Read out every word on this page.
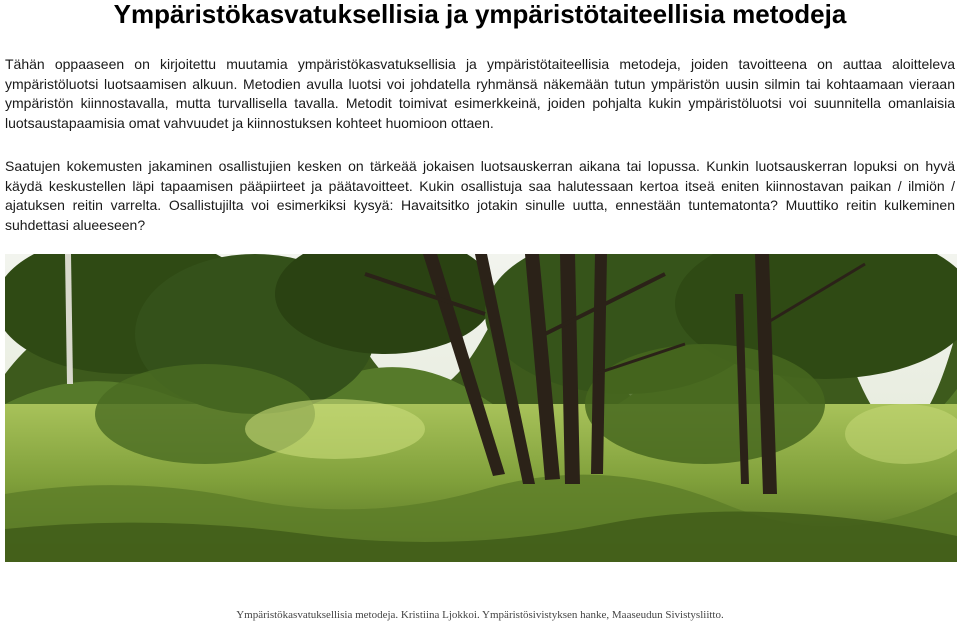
Ympäristökasvatuksellisia ja ympäristötaiteellisia metodeja

Tähän oppaaseen on kirjoitettu muutamia ympäristökasvatuksellisia ja ympäristötaiteellisia metodeja, joiden tavoitteena on auttaa aloitteleva ympäristöluotsi luotsaamisen alkuun. Metodien avulla luotsi voi johdatella ryhmänsä näkemään tutun ympäristön uusin silmin tai kohtaamaan vieraan ympäristön kiinnostavalla, mutta turvallisella tavalla. Metodit toimivat esimerkkeinä, joiden pohjalta kukin ympäristöluotsi voi suunnitella omanlaisia luotsaustapaamisia omat vahvuudet ja kiinnostuksen kohteet huomioon ottaen.

Saatujen kokemusten jakaminen osallistujien kesken on tärkeää jokaisen luotsauskerran aikana tai lopussa. Kunkin luotsauskerran lopuksi on hyvä käydä keskustellen läpi tapaamisen pääpiirteet ja päätavoitteet. Kukin osallistuja saa halutessaan kertoa itseä eniten kiinnostavan paikan / ilmiön / ajatuksen reitin varrelta. Osallistujilta voi esimerkiksi kysyä: Havaitsitko jotakin sinulle uutta, ennestään tuntematonta? Muuttiko reitin kulkeminen suhdettasi alueeseen?

Ympäristökasvatuksellisia metodeja. Kristiina Ljokkoi. Ympäristösivistyksen hanke, Maaseudun Sivistysliitto.
